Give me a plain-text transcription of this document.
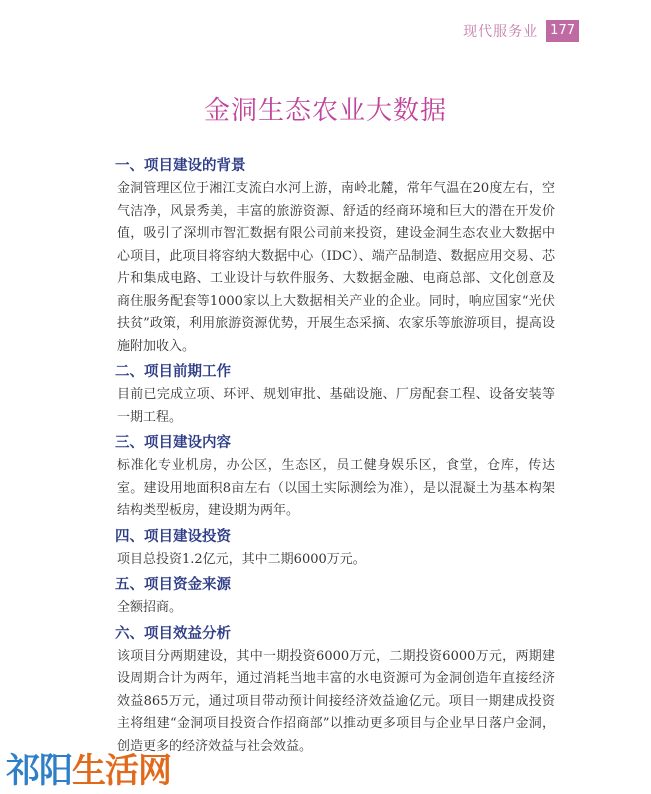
现代服务业 177
金洞生态农业大数据
一、项目建设的背景

金洞管理区位于湘江支流白水河上游，南岭北麓，常年气温在20度左右，空气洁净，风景秀美，丰富的旅游资源、舒适的经商环境和巨大的潜在开发价值，吸引了深圳市智汇数据有限公司前来投资，建设金洞生态农业大数据中心项目，此项目将容纳大数据中心（IDC）、端产品制造、数据应用交易、芯片和集成电路、工业设计与软件服务、大数据金融、电商总部、文化创意及商住服务配套等1000家以上大数据相关产业的企业。同时，响应国家“光伏扶贫”政策，利用旅游资源优势，开展生态采摘、农家乐等旅游项目，提高设施附加收入。

二、项目前期工作

目前已完成立项、环评、规划审批、基础设施、厂房配套工程、设备安装等一期工程。

三、项目建设内容

标准化专业机房，办公区，生态区，员工健身娱乐区，食堂，仓库，传达室。建设用地面积8亩左右（以国土实际测绘为准），是以混凝土为基本构架结构类型板房，建设期为两年。

四、项目建设投资

项目总投资1.2亿元，其中二期6000万元。

五、项目资金来源

全额招商。

六、项目效益分析

该项目分两期建设，其中一期投资6000万元，二期投资6000万元，两期建设周期合计为两年，通过消耗当地丰富的水电资源可为金洞创造年直接经济效益865万元，通过项目带动预计间接经济效益逾亿元。项目一期建成投资主将组建“金洞项目投资合作招商部”以推动更多项目与企业早日落户金洞，创造更多的经济效益与社会效益。

祁阳生活网
